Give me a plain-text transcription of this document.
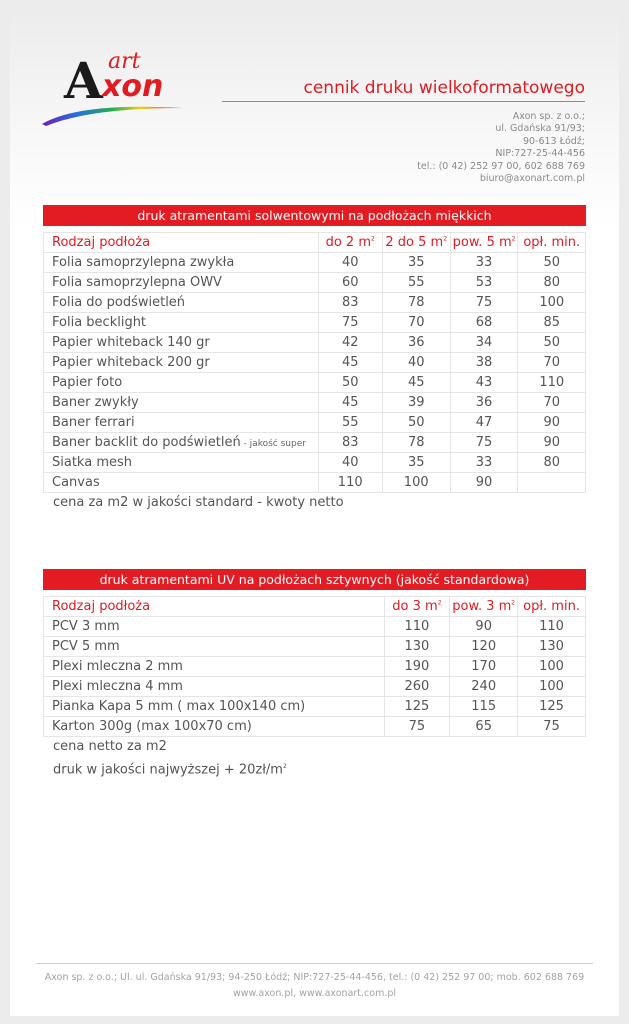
A art
xon	cennik druku wielkoformatowego
Axon sp. z o.o.;
ul. Gdańska 91/93;
90-613 Łódź;
NIP:727-25-44-456
tel.: (0 42) 252 97 00, 602 688 769
biuro@axonart.com.pl
druk atramentami solwentowymi na podłożach miękkich
Rodzaj podłoża	do 2 $m^2$	2 do 5 $m^2$	pow. 5 $m^2$	opł. min.
Folia samoprzylepna zwykła	40	35	33	50
Folia samoprzylepna OWV	60	55	53	80
Folia do podświetleń	83	78	75	100
Folia becklight	75	70	68	85
Papier whiteback 140 gr	42	36	34	50
Papier whiteback 200 gr	45	40	38	70
Papier foto	50	45	43	110
Baner zwykły	45	39	36	70
Baner ferrari	55	50	47	90
Baner backlit do podświetleń - jakość super	83	78	75	90
Siatka mesh	40	35	33	80
Canvas	110	100	90	
cena za m2 w jakości standard - kwoty netto
druk atramentami UV na podłożach sztywnych (jakość standardowa)
Rodzaj podłoża	do 3 $m^2$	pow. 3 $m^2$	opł. min.
PCV 3 mm	110	90	110
PCV 5 mm	130	120	130
Plexi mleczna 2 mm	190	170	100
Plexi mleczna 4 mm	260	240	100
Pianka Kapa 5 mm ( max 100x140 cm)	125	115	125
Karton 300g (max 100x70 cm)	75	65	75
cena netto za m2
druk w jakości najwyższej + $20zł/m^2$
Axon sp. z o.o.; Ul. ul. Gdańska 91/93; 94-250 Łódź; NIP:727-25-44-456, tel.: (0 42) 252 97 00; mob. 602 688 769
www.axon.pl, www.axonart.com.pl
